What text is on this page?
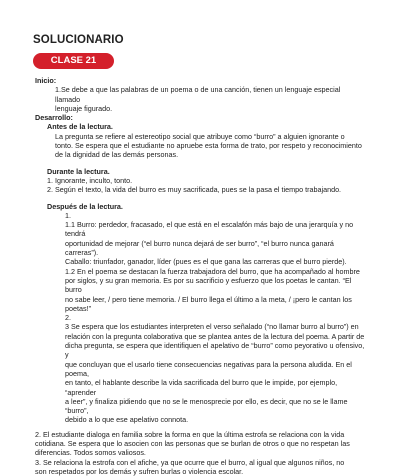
SOLUCIONARIO
CLASE 21

Inicio:

1.Se debe a que las palabras de un poema o de una canción, tienen un lenguaje especial llamado

lenguaje figurado.

Desarrollo:

Antes de la lectura.

La pregunta se refiere al estereotipo social que atribuye como “burro” a alguien ignorante o

tonto. Se espera que el estudiante no apruebe esta forma de trato, por respeto y reconocimiento

de la dignidad de las demás personas.

Durante la lectura.

1. Ignorante, inculto, tonto.

2. Según el texto, la vida del burro es muy sacrificada, pues se la pasa el tiempo trabajando.

Después de la lectura.

1.

1.1 Burro: perdedor, fracasado, el que está en el escalafón más bajo de una jerarquía y no tendrá

oportunidad de mejorar (“el burro nunca dejará de ser burro”, “el burro nunca ganará carreras”).

Caballo: triunfador, ganador, líder (pues es el que gana las carreras que el burro pierde).

1.2 En el poema se destacan la fuerza trabajadora del burro, que ha acompañado al hombre

por siglos, y su gran memoria. Es por su sacrificio y esfuerzo que los poetas le cantan. “El burro

no sabe leer, / pero tiene memoria. / El burro llega el último a la meta, / ¡pero le cantan los

poetas!”

2.

3 Se espera que los estudiantes interpreten el verso señalado (“no llamar burro al burro”) en

relación con la pregunta colaborativa que se plantea antes de la lectura del poema. A partir de

dicha pregunta, se espera que identifiquen el apelativo de “burro” como peyorativo u ofensivo, y

que concluyan que el usarlo tiene consecuencias negativas para la persona aludida. En el poema,

en tanto, el hablante describe la vida sacrificada del burro que le impide, por ejemplo, “aprender

a leer”, y finaliza pidiendo que no se le menosprecie por ello, es decir, que no se le llame “burro”,

debido a lo que ese apelativo connota.

2. El estudiante dialoga en familia sobre la forma en que la última estrofa se relaciona con la vida

cotidiana. Se espera que lo asocien con las personas que se burlan de otros o que no respetan las

diferencias. Todos somos valiosos.

3. Se relaciona la estrofa con el afiche, ya que ocurre que el burro, al igual que algunos niños, no

son respetados por los demás y sufren burlas o violencia escolar.
